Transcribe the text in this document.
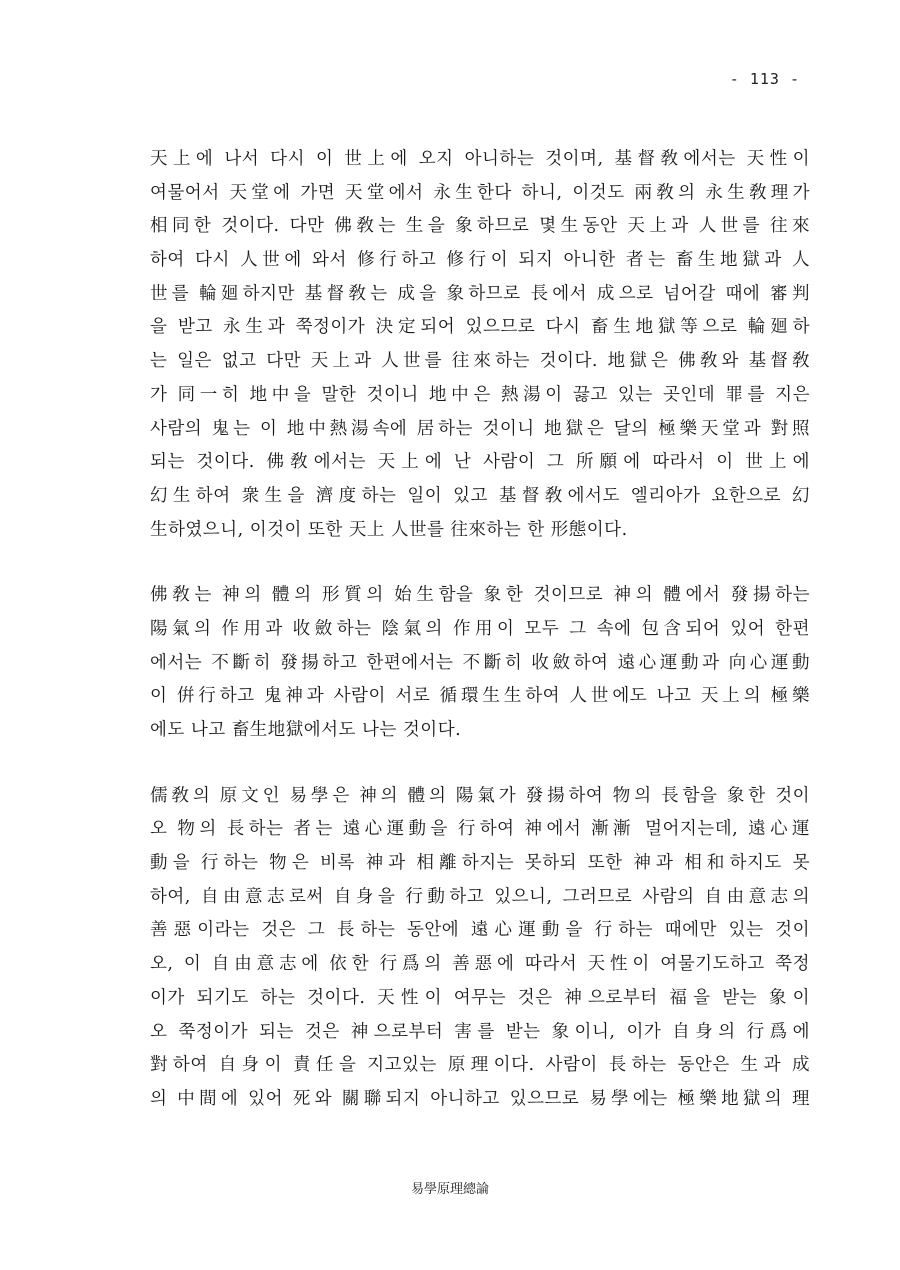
- 113 -
天上에 나서 다시 이 世上에 오지 아니하는 것이며, 基督敎에서는 天性이
여물어서 天堂에 가면 天堂에서 永生한다 하니, 이것도 兩敎의 永生敎理가
相同한 것이다. 다만 佛敎는 生을 象하므로 몇生동안 天上과 人世를 往來
하여 다시 人世에 와서 修行하고 修行이 되지 아니한 者는 畜生地獄과 人
世를 輪廻하지만 基督敎는 成을 象하므로 長에서 成으로 넘어갈 때에 審判
을 받고 永生과 쭉정이가 決定되어 있으므로 다시 畜生地獄等으로 輪廻하
는 일은 없고 다만 天上과 人世를 往來하는 것이다. 地獄은 佛敎와 基督敎
가 同一히 地中을 말한 것이니 地中은 熱湯이 끓고 있는 곳인데 罪를 지은
사람의 鬼는 이 地中熱湯속에 居하는 것이니 地獄은 달의 極樂天堂과 對照
되는 것이다. 佛敎에서는 天上에 난 사람이 그 所願에 따라서 이 世上에
幻生하여 衆生을 濟度하는 일이 있고 基督敎에서도 엘리아가 요한으로 幻
生하였으니, 이것이 또한 天上 人世를 往來하는 한 形態이다.
佛敎는 神의 體의 形質의 始生함을 象한 것이므로 神의 體에서 發揚하는
陽氣의 作用과 收斂하는 陰氣의 作用이 모두 그 속에 包含되어 있어 한편
에서는 不斷히 發揚하고 한편에서는 不斷히 收斂하여 遠心運動과 向心運動
이 倂行하고 鬼神과 사람이 서로 循環生生하여 人世에도 나고 天上의 極樂
에도 나고 畜生地獄에서도 나는 것이다.
儒敎의 原文인 易學은 神의 體의 陽氣가 發揚하여 物의 長함을 象한 것이
오 物의 長하는 者는 遠心運動을 行하여 神에서 漸漸 멀어지는데, 遠心運
動을 行하는 物은 비록 神과 相離하지는 못하되 또한 神과 相和하지도 못
하여, 自由意志로써 自身을 行動하고 있으니, 그러므로 사람의 自由意志의
善惡이라는 것은 그 長하는 동안에 遠心運動을 行하는 때에만 있는 것이
오, 이 自由意志에 依한 行爲의 善惡에 따라서 天性이 여물기도하고 쭉정
이가 되기도 하는 것이다. 天性이 여무는 것은 神으로부터 福을 받는 象이
오 쭉정이가 되는 것은 神으로부터 害를 받는 象이니, 이가 自身의 行爲에
對하여 自身이 責任을 지고있는 原理이다. 사람이 長하는 동안은 生과 成
의 中間에 있어 死와 關聯되지 아니하고 있으므로 易學에는 極樂地獄의 理
易學原理總論
